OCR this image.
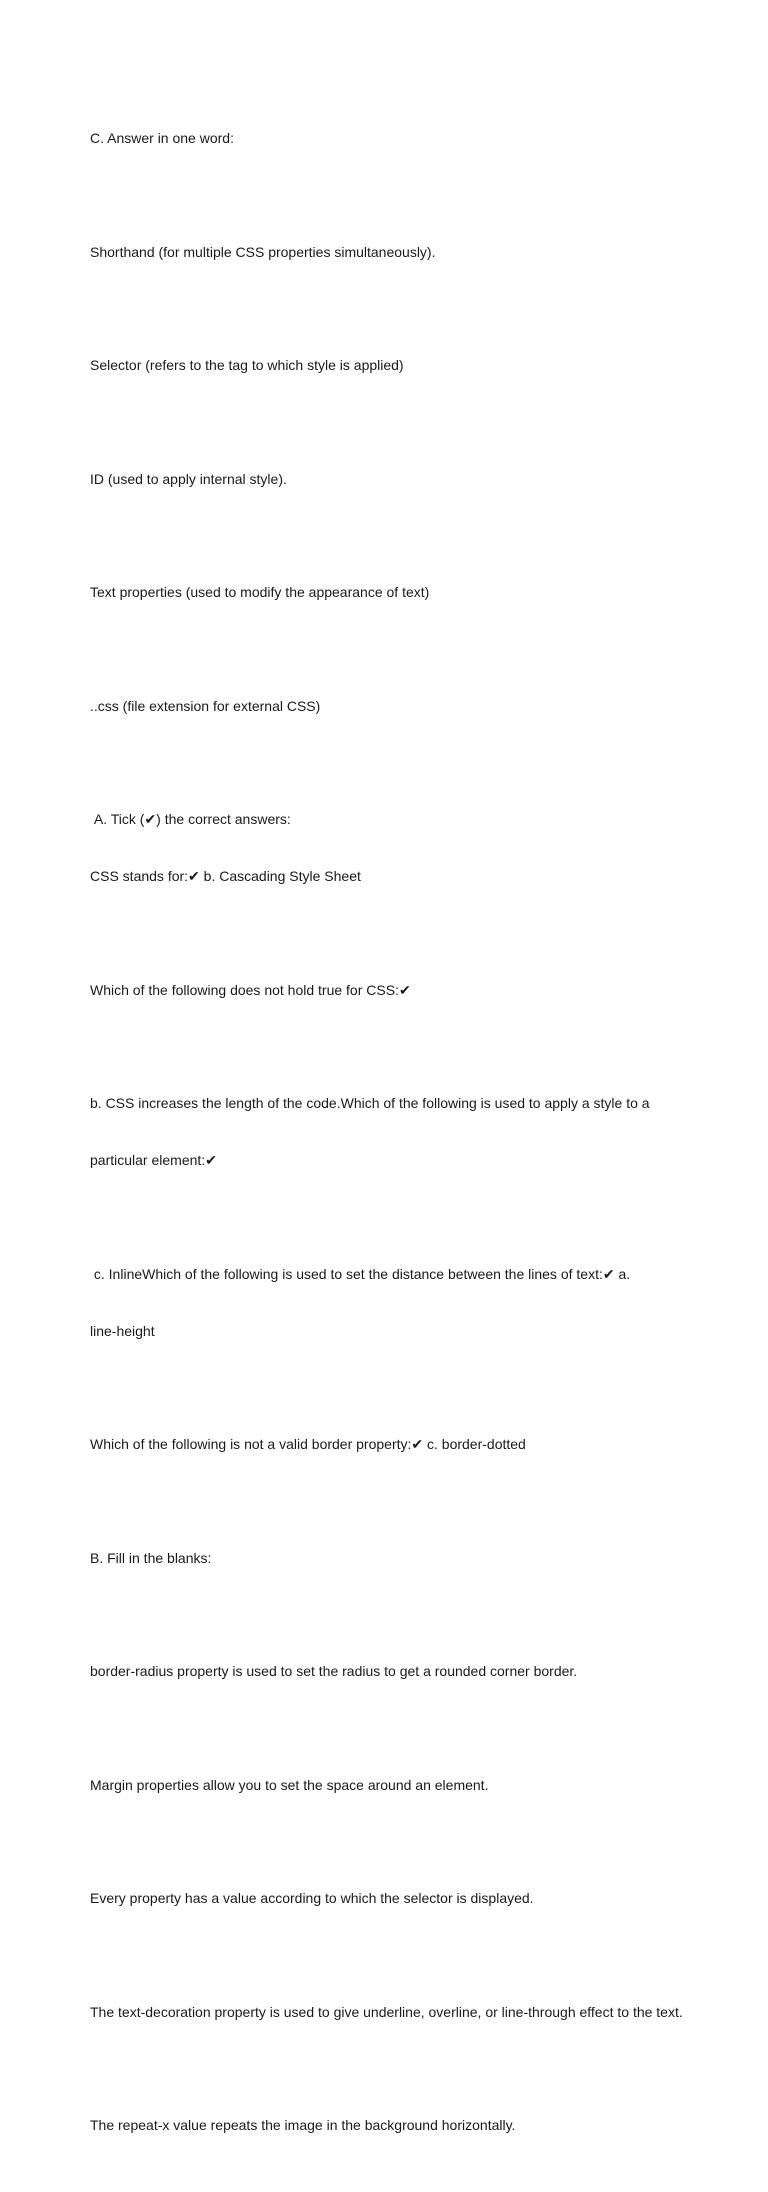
C. Answer in one word:

Shorthand (for multiple CSS properties simultaneously).

Selector (refers to the tag to which style is applied)

ID (used to apply internal style).

Text properties (used to modify the appearance of text)

..css (file extension for external CSS)

A. Tick (✔) the correct answers:

CSS stands for:✔ b. Cascading Style Sheet

Which of the following does not hold true for CSS:✔

b. CSS increases the length of the code.Which of the following is used to apply a style to a

particular element:✔

c. InlineWhich of the following is used to set the distance between the lines of text:✔ a.

line-height

Which of the following is not a valid border property:✔ c. border-dotted

B. Fill in the blanks:

border-radius property is used to set the radius to get a rounded corner border.

Margin properties allow you to set the space around an element.

Every property has a value according to which the selector is displayed.

The text-decoration property is used to give underline, overline, or line-through effect to the text.

The repeat-x value repeats the image in the background horizontally.
